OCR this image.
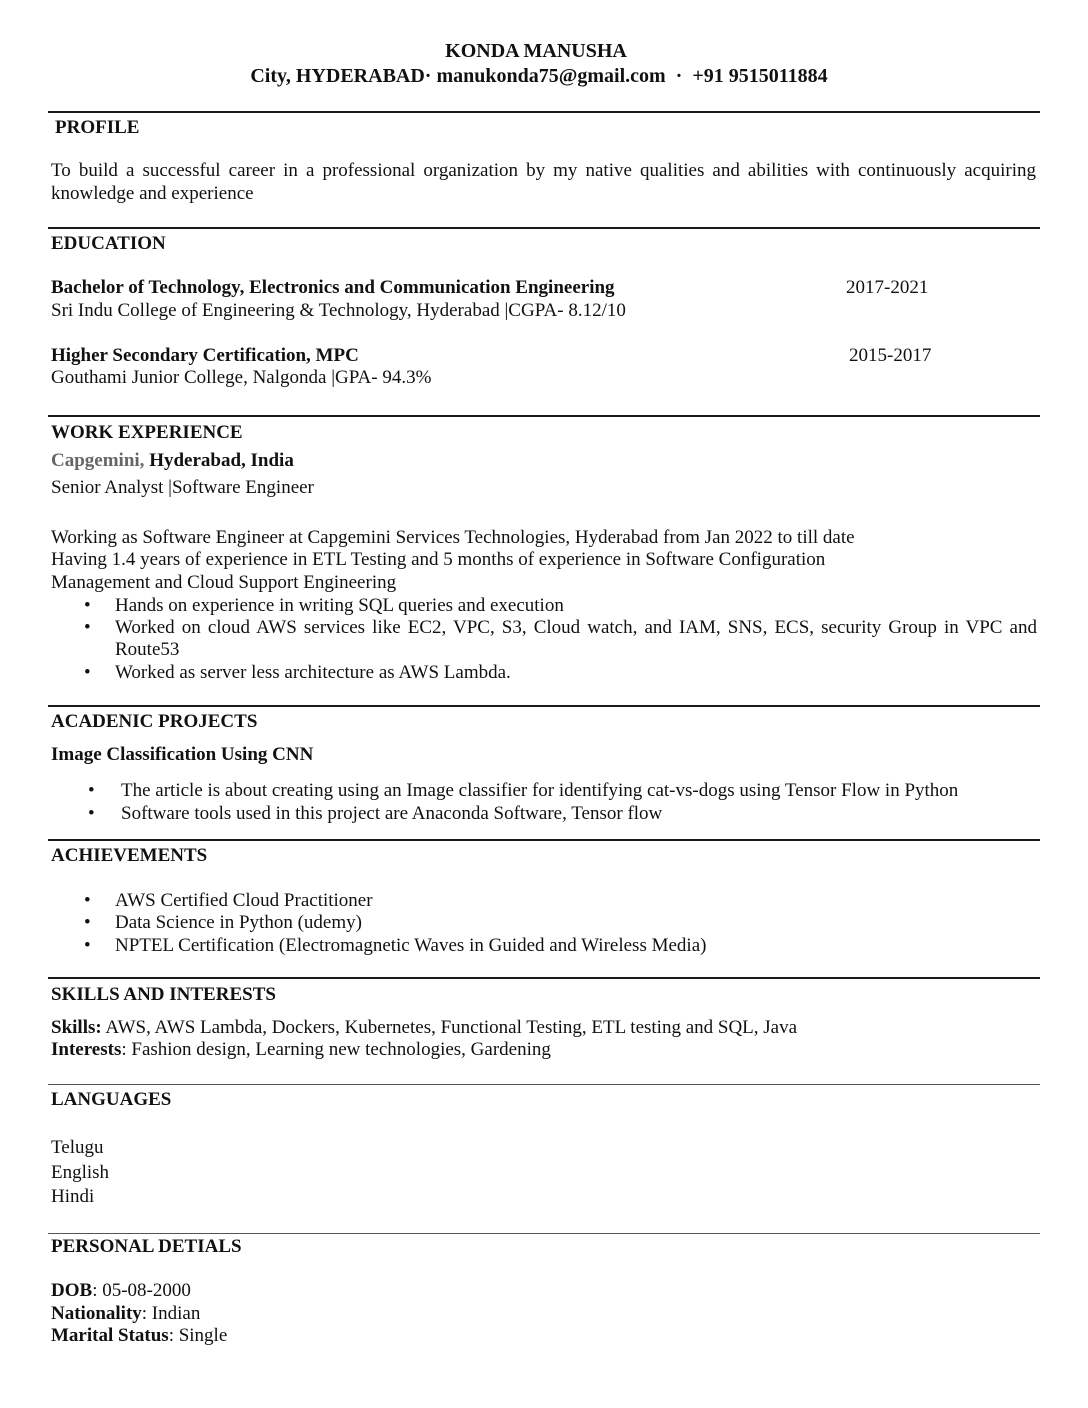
KONDA MANUSHA
City, HYDERABAD· manukonda75@gmail.com · +91 9515011884
PROFILE
To build a successful career in a professional organization by my native qualities and abilities with continuously acquiring
knowledge and experience
EDUCATION
Bachelor of Technology, Electronics and Communication Engineering	2017-2021
Sri Indu College of Engineering & Technology, Hyderabad |CGPA- 8.12/10
Higher Secondary Certification, MPC	2015-2017
Gouthami Junior College, Nalgonda |GPA- 94.3%
WORK EXPERIENCE
Capgemini, Hyderabad, India
Senior Analyst |Software Engineer
Working as Software Engineer at Capgemini Services Technologies, Hyderabad from Jan 2022 to till date
Having 1.4 years of experience in ETL Testing and 5 months of experience in Software Configuration
Management and Cloud Support Engineering
• Hands on experience in writing SQL queries and execution
• Worked on cloud AWS services like EC2, VPC, S3, Cloud watch, and IAM, SNS, ECS, security Group in VPC and
Route53
• Worked as server less architecture as AWS Lambda.
ACADENIC PROJECTS
Image Classification Using CNN
• The article is about creating using an Image classifier for identifying cat-vs-dogs using Tensor Flow in Python
• Software tools used in this project are Anaconda Software, Tensor flow
ACHIEVEMENTS
• AWS Certified Cloud Practitioner
• Data Science in Python (udemy)
• NPTEL Certification (Electromagnetic Waves in Guided and Wireless Media)
SKILLS AND INTERESTS
Skills: AWS, AWS Lambda, Dockers, Kubernetes, Functional Testing, ETL testing and SQL, Java
Interests: Fashion design, Learning new technologies, Gardening
LANGUAGES
Telugu
English
Hindi
PERSONAL DETIALS
DOB: 05-08-2000
Nationality: Indian
Marital Status: Single
